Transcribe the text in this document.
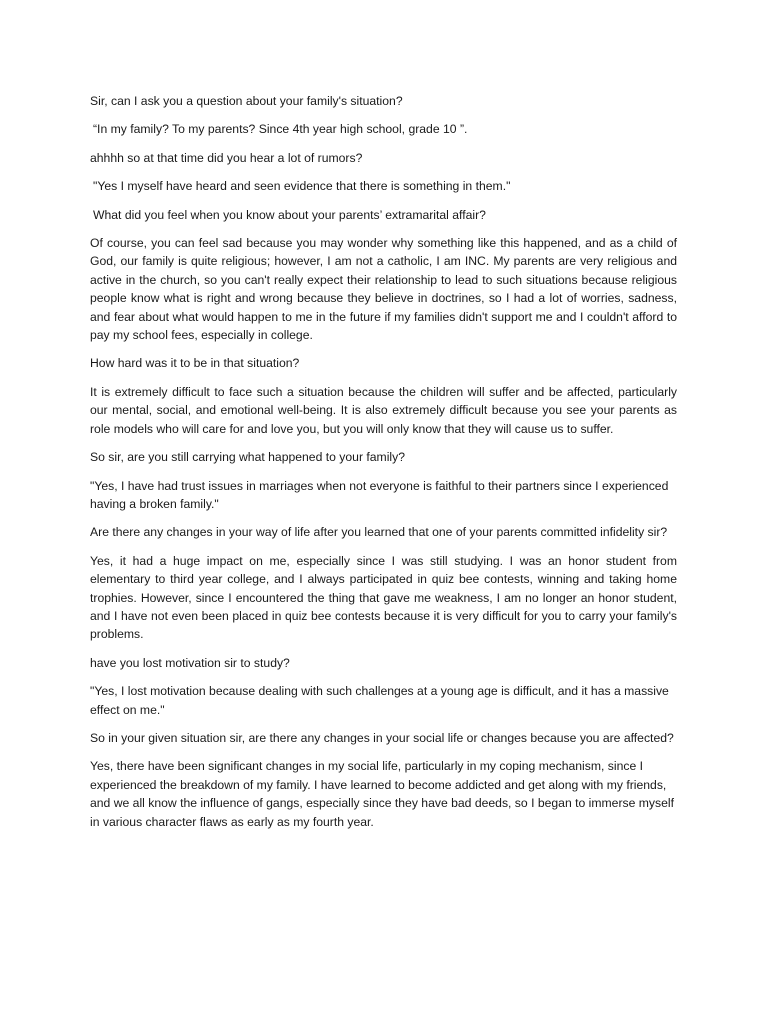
Sir, can I ask you a question about your family's situation?

“In my family? To my parents? Since 4th year high school, grade 10 ”.

ahhhh so at that time did you hear a lot of rumors?

"Yes I myself have heard and seen evidence that there is something in them."

What did you feel when you know about your parents’ extramarital affair?

Of course, you can feel sad because you may wonder why something like this happened, and as a child of God, our family is quite religious; however, I am not a catholic, I am INC. My parents are very religious and active in the church, so you can't really expect their relationship to lead to such situations because religious people know what is right and wrong because they believe in doctrines, so I had a lot of worries, sadness, and fear about what would happen to me in the future if my families didn't support me and I couldn't afford to pay my school fees, especially in college.

How hard was it to be in that situation?

It is extremely difficult to face such a situation because the children will suffer and be affected, particularly our mental, social, and emotional well-being. It is also extremely difficult because you see your parents as role models who will care for and love you, but you will only know that they will cause us to suffer.

So sir, are you still carrying what happened to your family?

"Yes, I have had trust issues in marriages when not everyone is faithful to their partners since I experienced having a broken family."

Are there any changes in your way of life after you learned that one of your parents committed infidelity sir?

Yes, it had a huge impact on me, especially since I was still studying. I was an honor student from elementary to third year college, and I always participated in quiz bee contests, winning and taking home trophies. However, since I encountered the thing that gave me weakness, I am no longer an honor student, and I have not even been placed in quiz bee contests because it is very difficult for you to carry your family's problems.

have you lost motivation sir to study?

"Yes, I lost motivation because dealing with such challenges at a young age is difficult, and it has a massive effect on me."

So in your given situation sir, are there any changes in your social life or changes because you are affected?

Yes, there have been significant changes in my social life, particularly in my coping mechanism, since I experienced the breakdown of my family. I have learned to become addicted and get along with my friends, and we all know the influence of gangs, especially since they have bad deeds, so I began to immerse myself in various character flaws as early as my fourth year.
